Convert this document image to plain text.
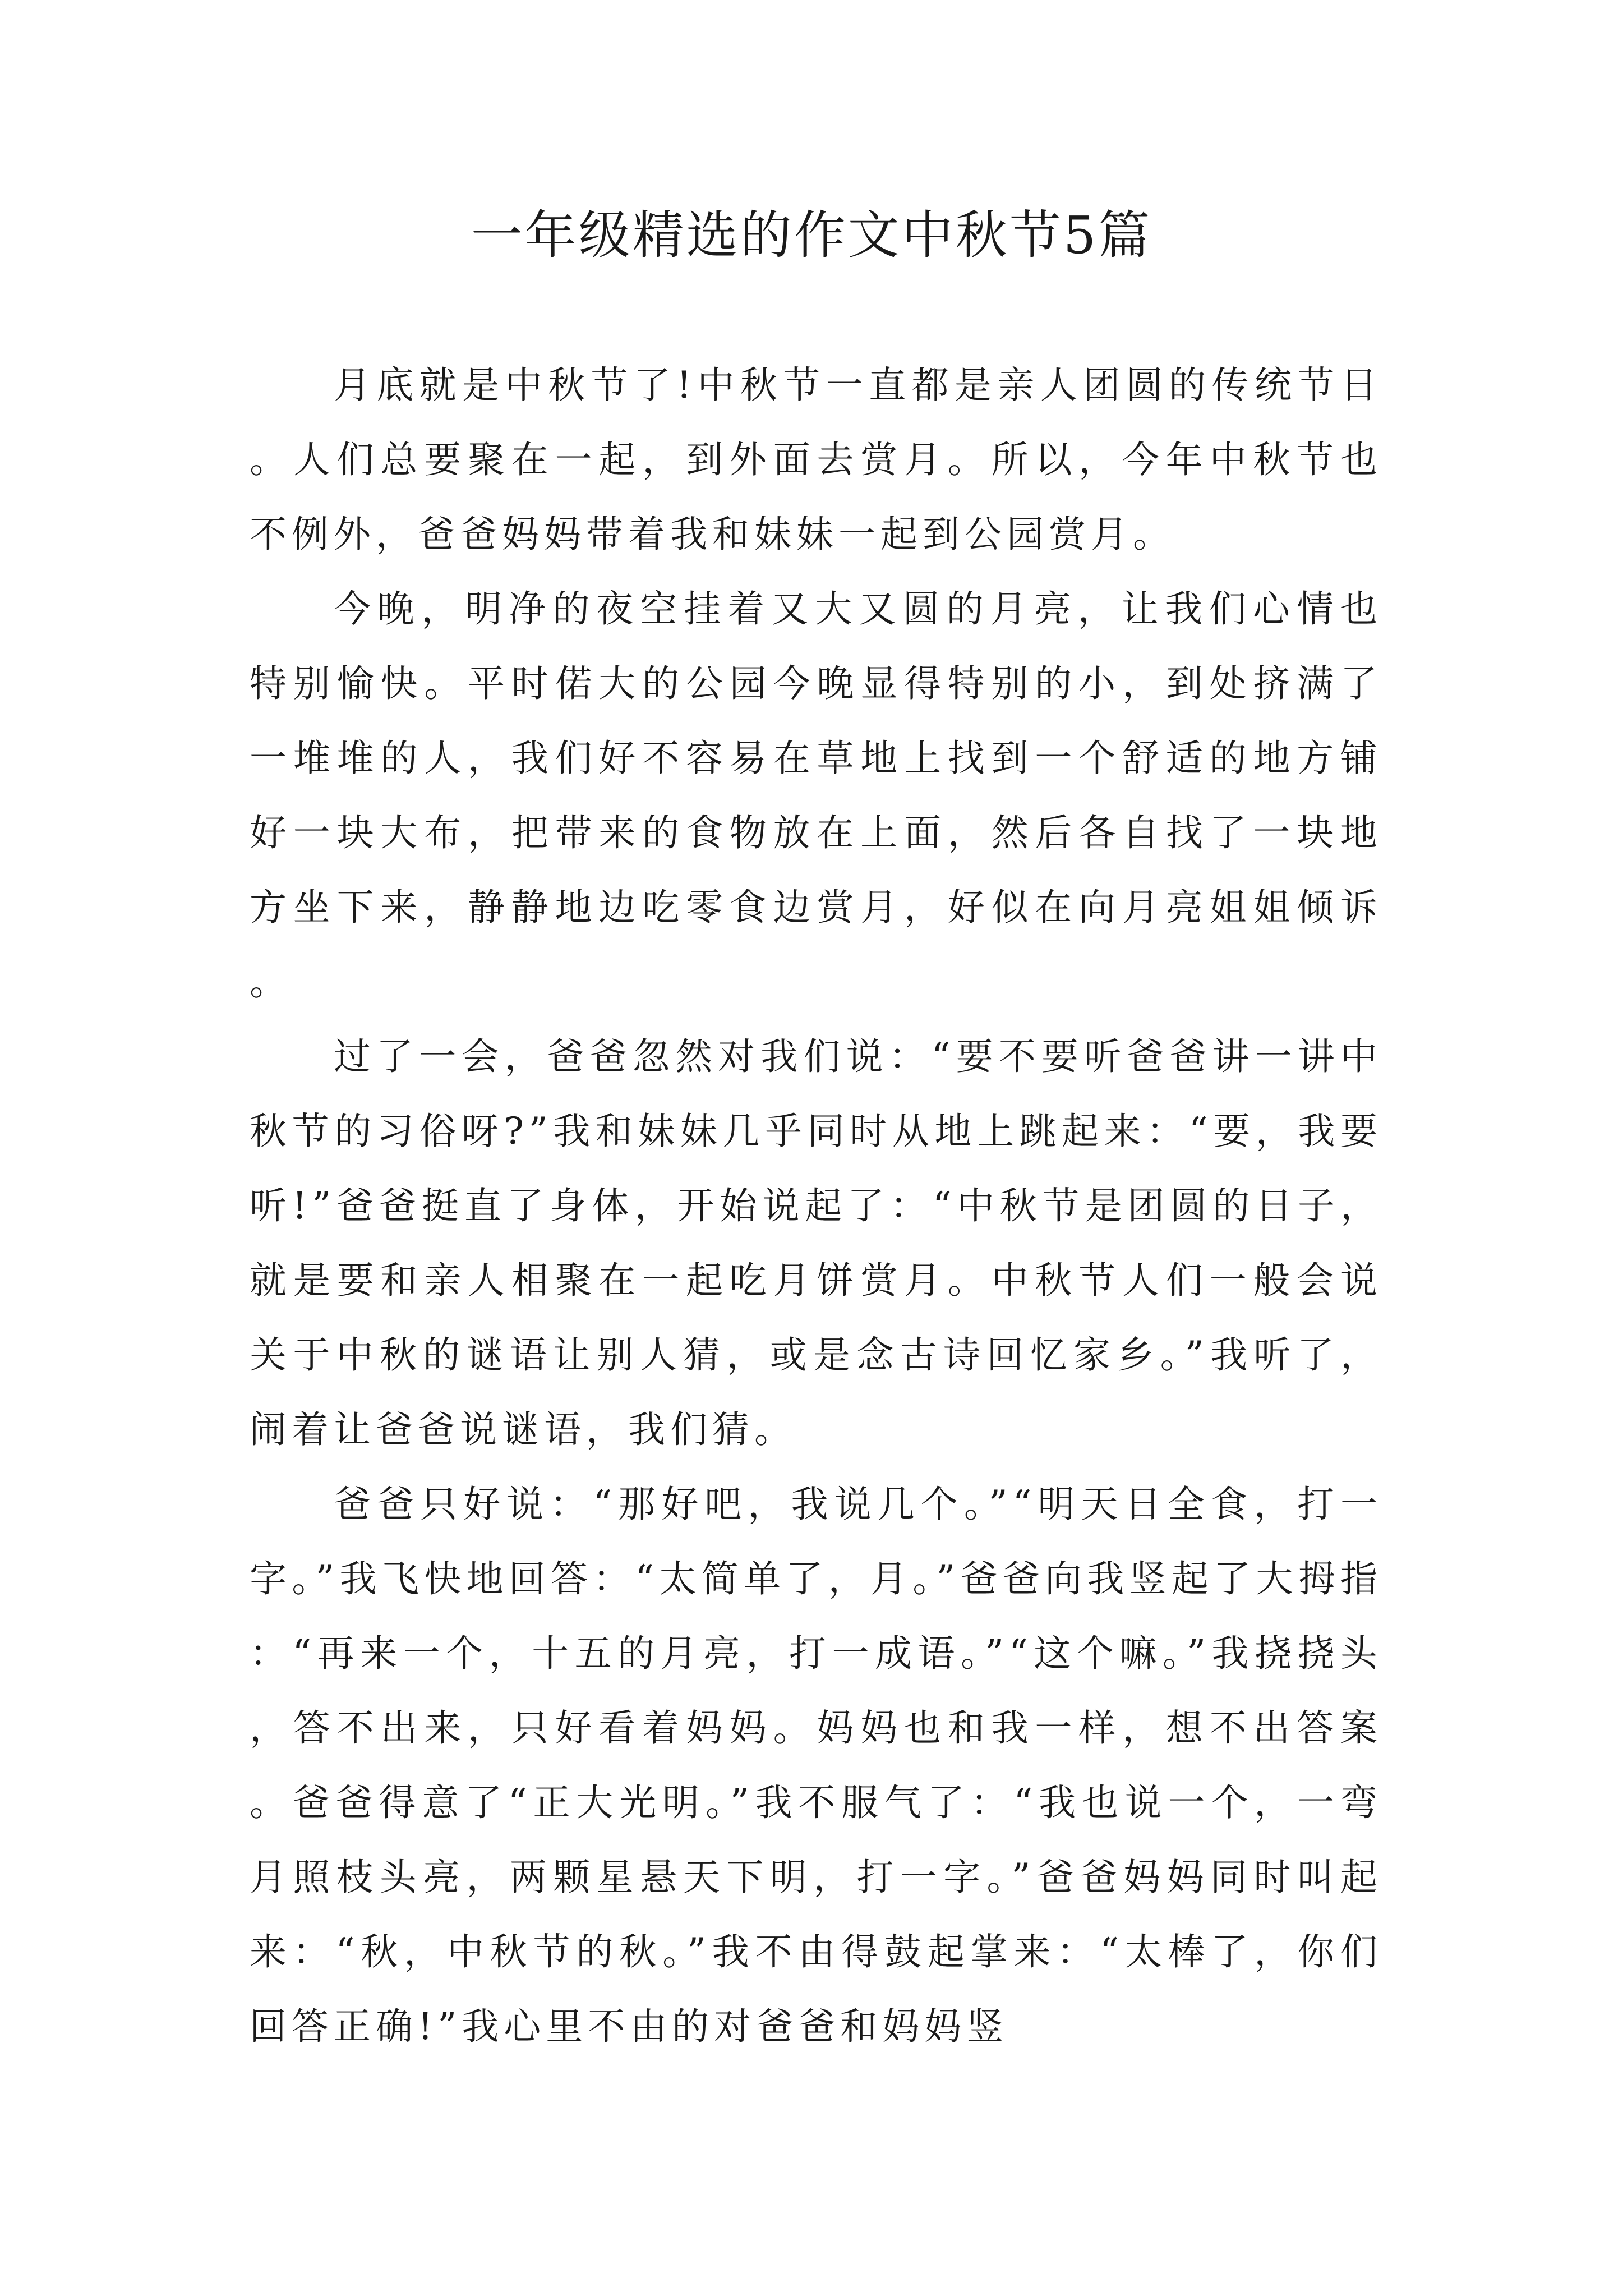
一年级精选的作文中秋节5篇

月底就是中秋节了!中秋节一直都是亲人团圆的传统节日。人们总要聚在一起，到外面去赏月。所以，今年中秋节也不例外，爸爸妈妈带着我和妹妹一起到公园赏月。

今晚，明净的夜空挂着又大又圆的月亮，让我们心情也特别愉快。平时偌大的公园今晚显得特别的小，到处挤满了一堆堆的人，我们好不容易在草地上找到一个舒适的地方铺好一块大布，把带来的食物放在上面，然后各自找了一块地方坐下来，静静地边吃零食边赏月，好似在向月亮姐姐倾诉。

过了一会，爸爸忽然对我们说：“要不要听爸爸讲一讲中秋节的习俗呀?”我和妹妹几乎同时从地上跳起来：“要，我要听!”爸爸挺直了身体，开始说起了：“中秋节是团圆的日子，就是要和亲人相聚在一起吃月饼赏月。中秋节人们一般会说关于中秋的谜语让别人猜，或是念古诗回忆家乡。”我听了，闹着让爸爸说谜语，我们猜。

爸爸只好说：“那好吧，我说几个。”“明天日全食，打一字。”我飞快地回答：“太简单了，月。”爸爸向我竖起了大拇指：“再来一个，十五的月亮，打一成语。”“这个嘛。”我挠挠头，答不出来，只好看着妈妈。妈妈也和我一样，想不出答案。爸爸得意了“正大光明。”我不服气了：“我也说一个，一弯月照枝头亮，两颗星悬天下明，打一字。”爸爸妈妈同时叫起来：“秋，中秋节的秋。”我不由得鼓起掌来：“太棒了，你们回答正确!”我心里不由的对爸爸和妈妈竖
